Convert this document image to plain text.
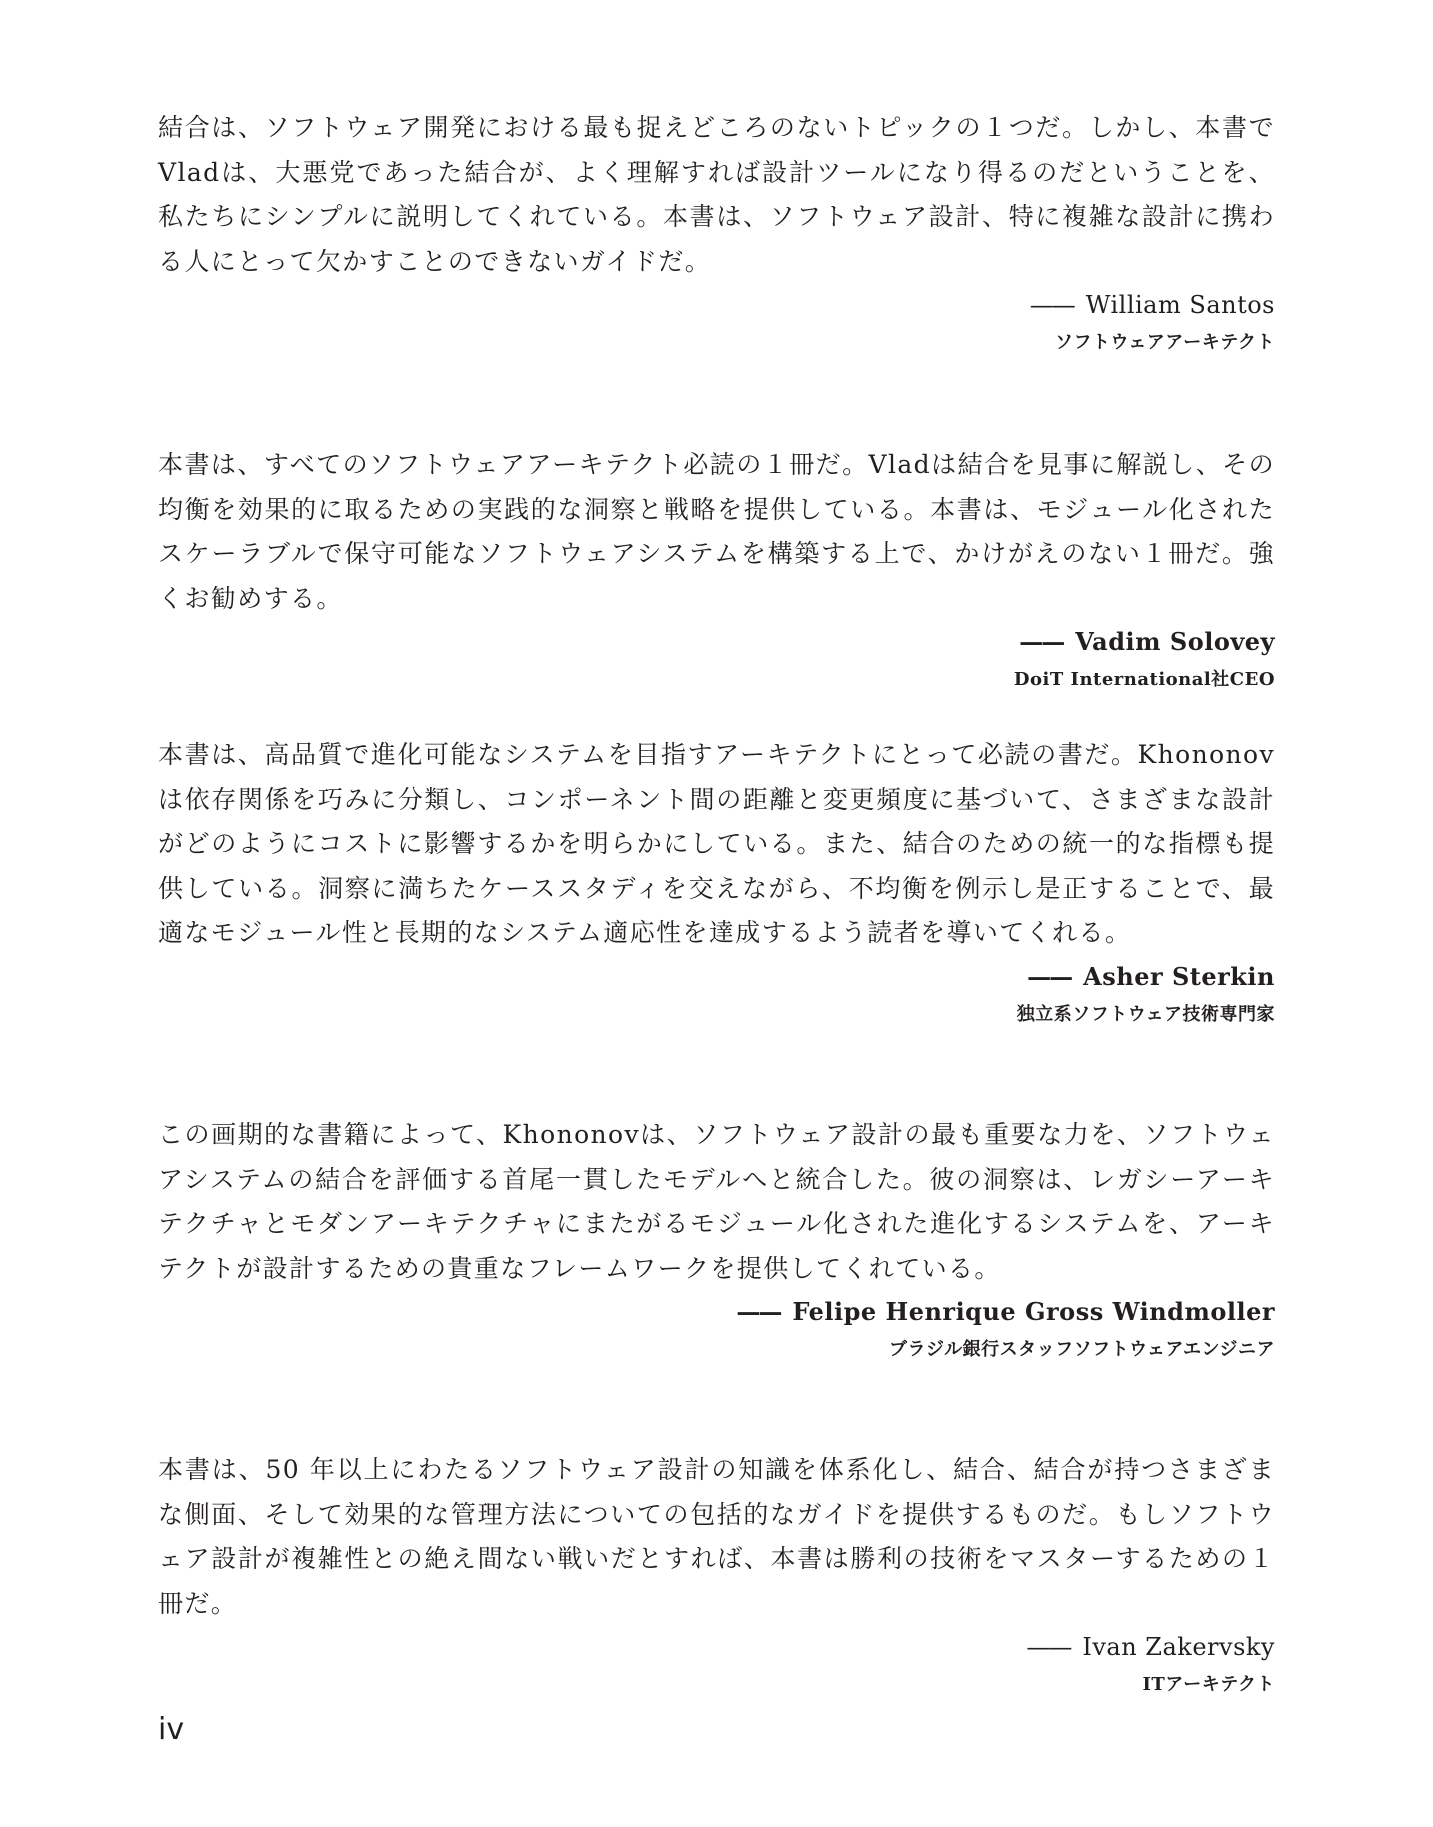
結合は、ソフトウェア開発における最も捉えどころのないトピックの１つだ。しかし、本書でVladは、大悪党であった結合が、よく理解すれば設計ツールになり得るのだということを、私たちにシンプルに説明してくれている。本書は、ソフトウェア設計、特に複雑な設計に携わる人にとって欠かすことのできないガイドだ。

—— William Santos

ソフトウェアアーキテクト

本書は、すべてのソフトウェアアーキテクト必読の１冊だ。Vladは結合を見事に解説し、その均衡を効果的に取るための実践的な洞察と戦略を提供している。本書は、モジュール化されたスケーラブルで保守可能なソフトウェアシステムを構築する上で、かけがえのない１冊だ。強くお勧めする。

—— Vadim Solovey

DoiT International社CEO

本書は、高品質で進化可能なシステムを目指すアーキテクトにとって必読の書だ。Khononovは依存関係を巧みに分類し、コンポーネント間の距離と変更頻度に基づいて、さまざまな設計がどのようにコストに影響するかを明らかにしている。また、結合のための統一的な指標も提供している。洞察に満ちたケーススタディを交えながら、不均衡を例示し是正することで、最適なモジュール性と長期的なシステム適応性を達成するよう読者を導いてくれる。

—— Asher Sterkin

独立系ソフトウェア技術専門家

この画期的な書籍によって、Khononovは、ソフトウェア設計の最も重要な力を、ソフトウェアシステムの結合を評価する首尾一貫したモデルへと統合した。彼の洞察は、レガシーアーキテクチャとモダンアーキテクチャにまたがるモジュール化された進化するシステムを、アーキテクトが設計するための貴重なフレームワークを提供してくれている。

—— Felipe Henrique Gross Windmoller

ブラジル銀行スタッフソフトウェアエンジニア

本書は、50 年以上にわたるソフトウェア設計の知識を体系化し、結合、結合が持つさまざまな側面、そして効果的な管理方法についての包括的なガイドを提供するものだ。もしソフトウェア設計が複雑性との絶え間ない戦いだとすれば、本書は勝利の技術をマスターするための１冊だ。

—— Ivan Zakervsky

ITアーキテクト

iv
